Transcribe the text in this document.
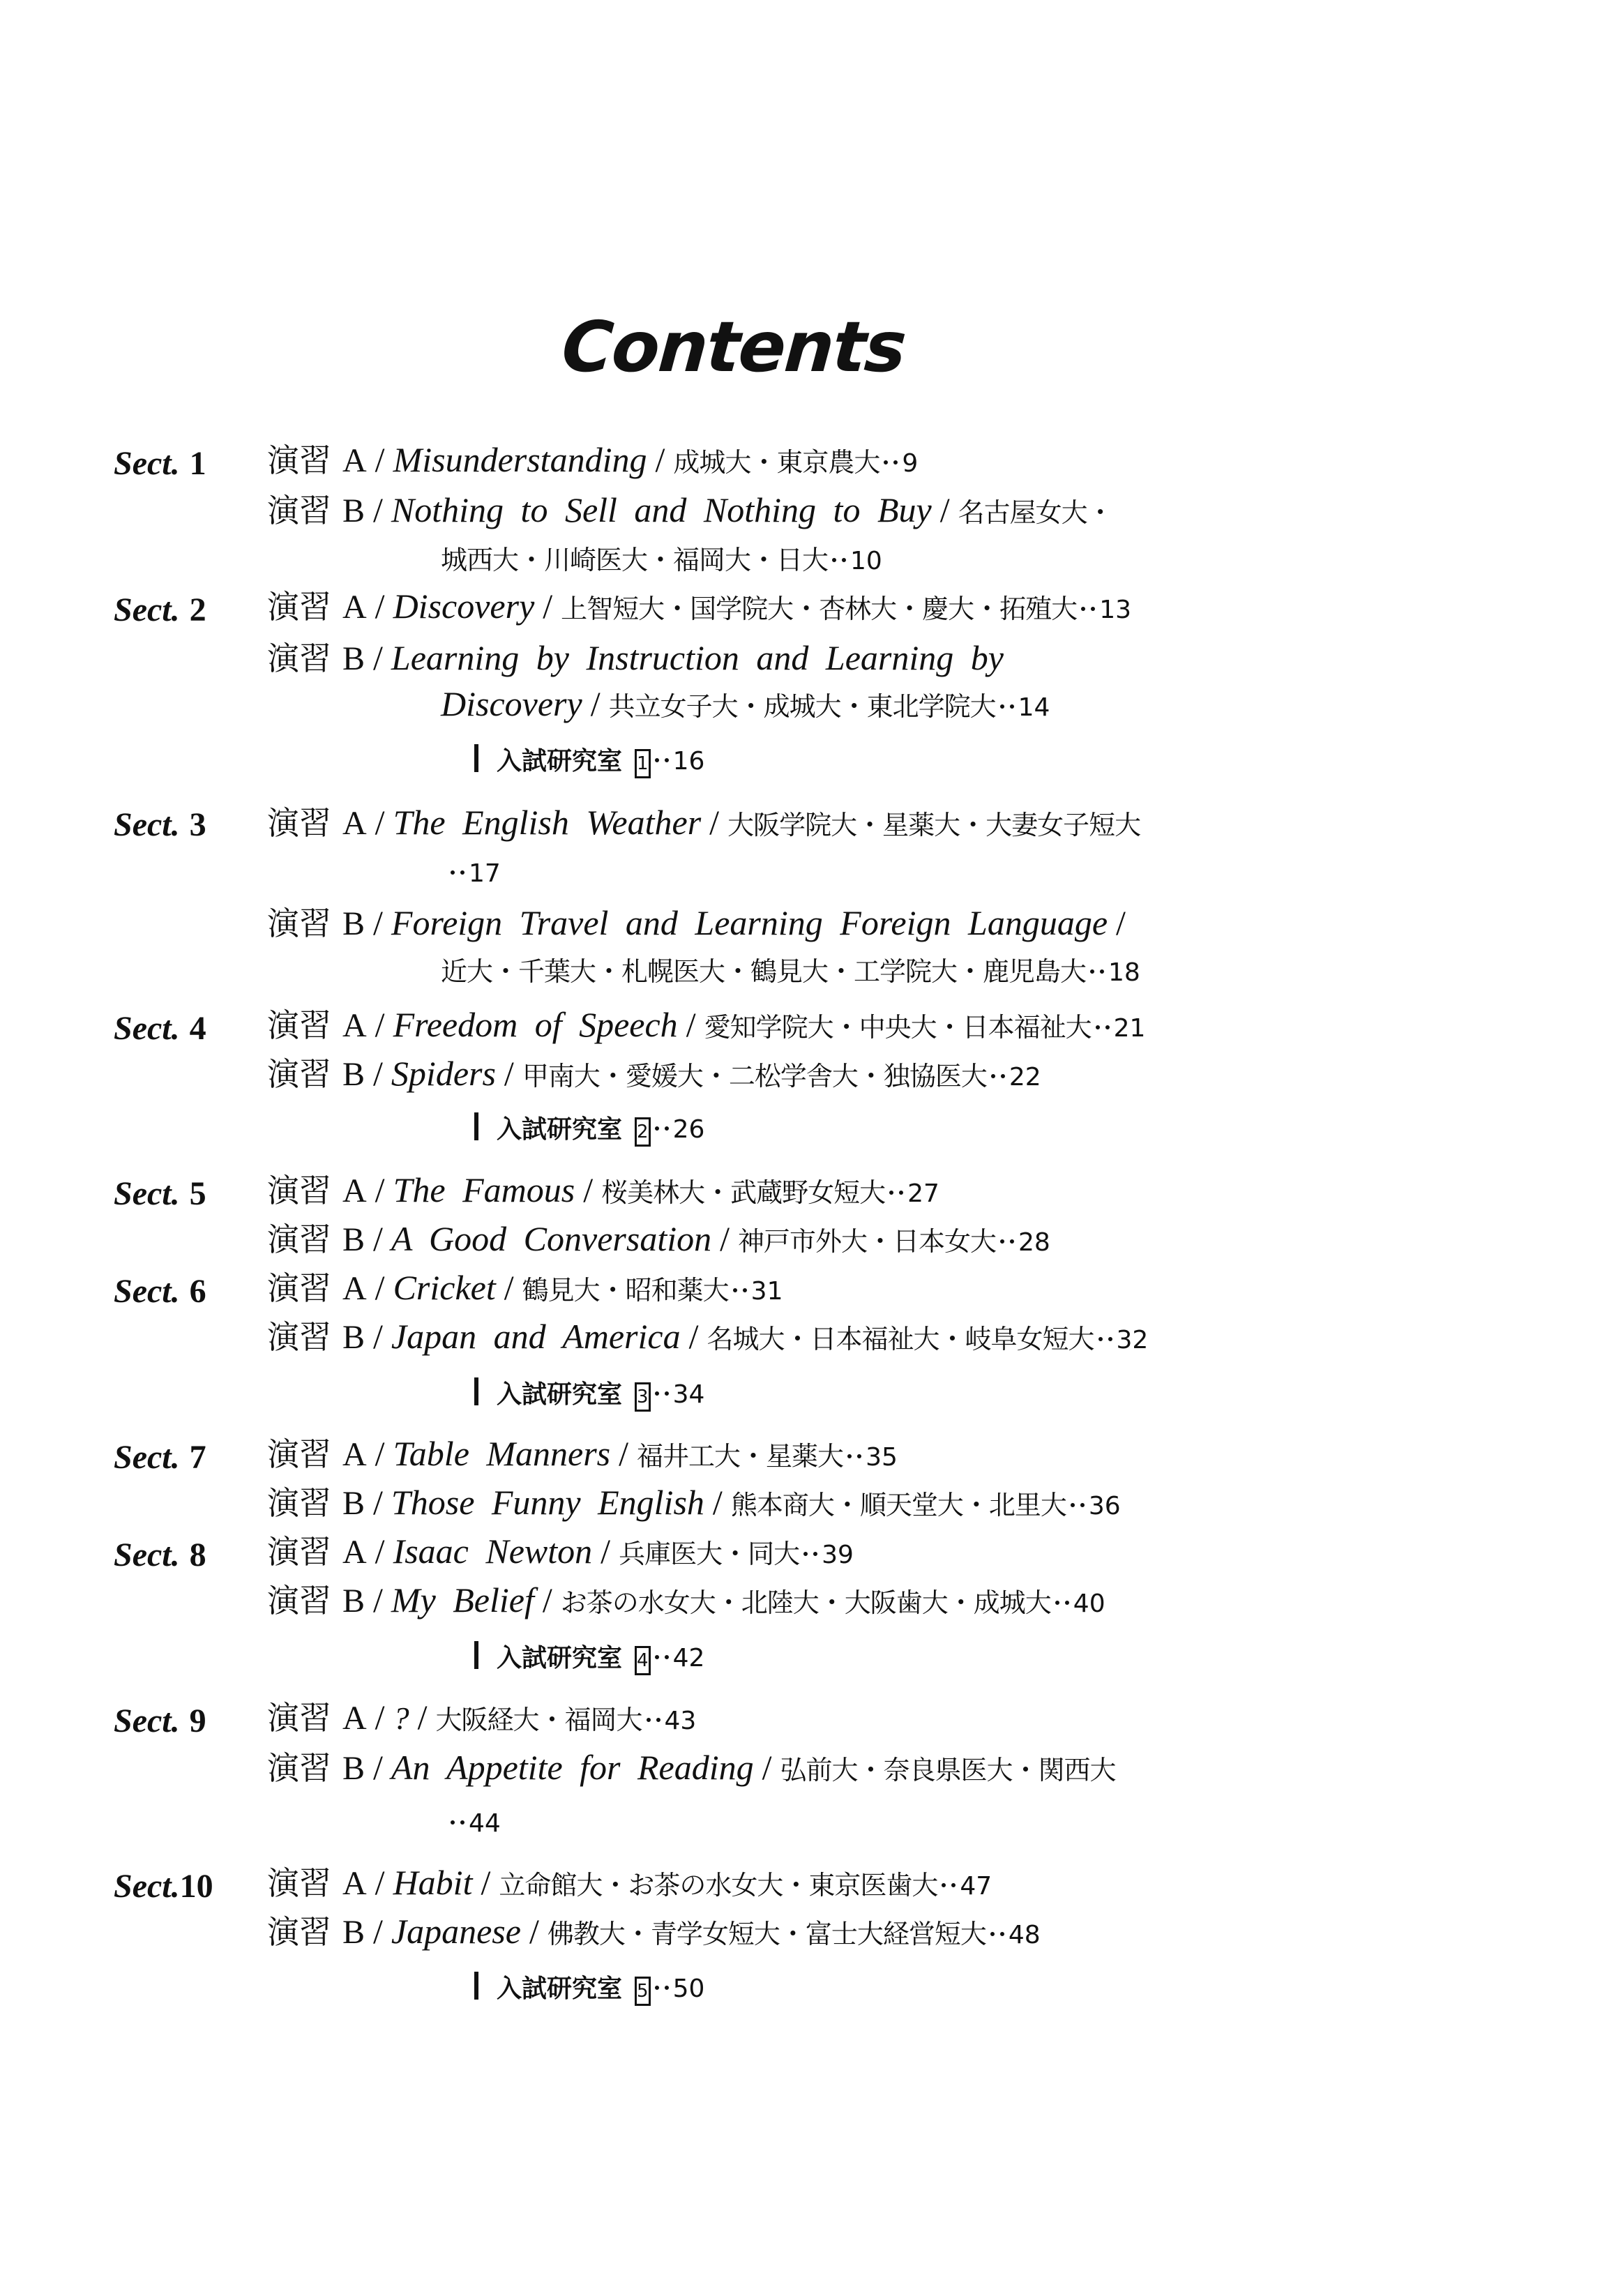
Contents
Sect. 1 演習 A / Misunderstanding / 成城大・東京農大 9
演習 B / Nothing to Sell and Nothing to Buy / 名古屋女大・
城西大・川崎医大・福岡大・日大 10
Sect. 2 演習 A / Discovery / 上智短大・国学院大・杏林大・慶大・拓殖大 13
演習 B / Learning by Instruction and Learning by
Discovery / 共立女子大・成城大・東北学院大 14
入試研究室 1 16
Sect. 3 演習 A / The English Weather / 大阪学院大・星薬大・大妻女子短大
17
演習 B / Foreign Travel and Learning Foreign Language /
近大・千葉大・札幌医大・鶴見大・工学院大・鹿児島大 18
Sect. 4 演習 A / Freedom of Speech / 愛知学院大・中央大・日本福祉大 21
演習 B / Spiders / 甲南大・愛媛大・二松学舎大・独協医大 22
入試研究室 2 26
Sect. 5 演習 A / The Famous / 桜美林大・武蔵野女短大 27
演習 B / A Good Conversation / 神戸市外大・日本女大 28
Sect. 6 演習 A / Cricket / 鶴見大・昭和薬大 31
演習 B / Japan and America / 名城大・日本福祉大・岐阜女短大 32
入試研究室 3 34
Sect. 7 演習 A / Table Manners / 福井工大・星薬大 35
演習 B / Those Funny English / 熊本商大・順天堂大・北里大 36
Sect. 8 演習 A / Isaac Newton / 兵庫医大・同大 39
演習 B / My Belief / お茶の水女大・北陸大・大阪歯大・成城大 40
入試研究室 4 42
Sect. 9 演習 A / ? / 大阪経大・福岡大 43
演習 B / An Appetite for Reading / 弘前大・奈良県医大・関西大
44
Sect.10 演習 A / Habit / 立命館大・お茶の水女大・東京医歯大 47
演習 B / Japanese / 佛教大・青学女短大・富士大経営短大 48
入試研究室 5 50
